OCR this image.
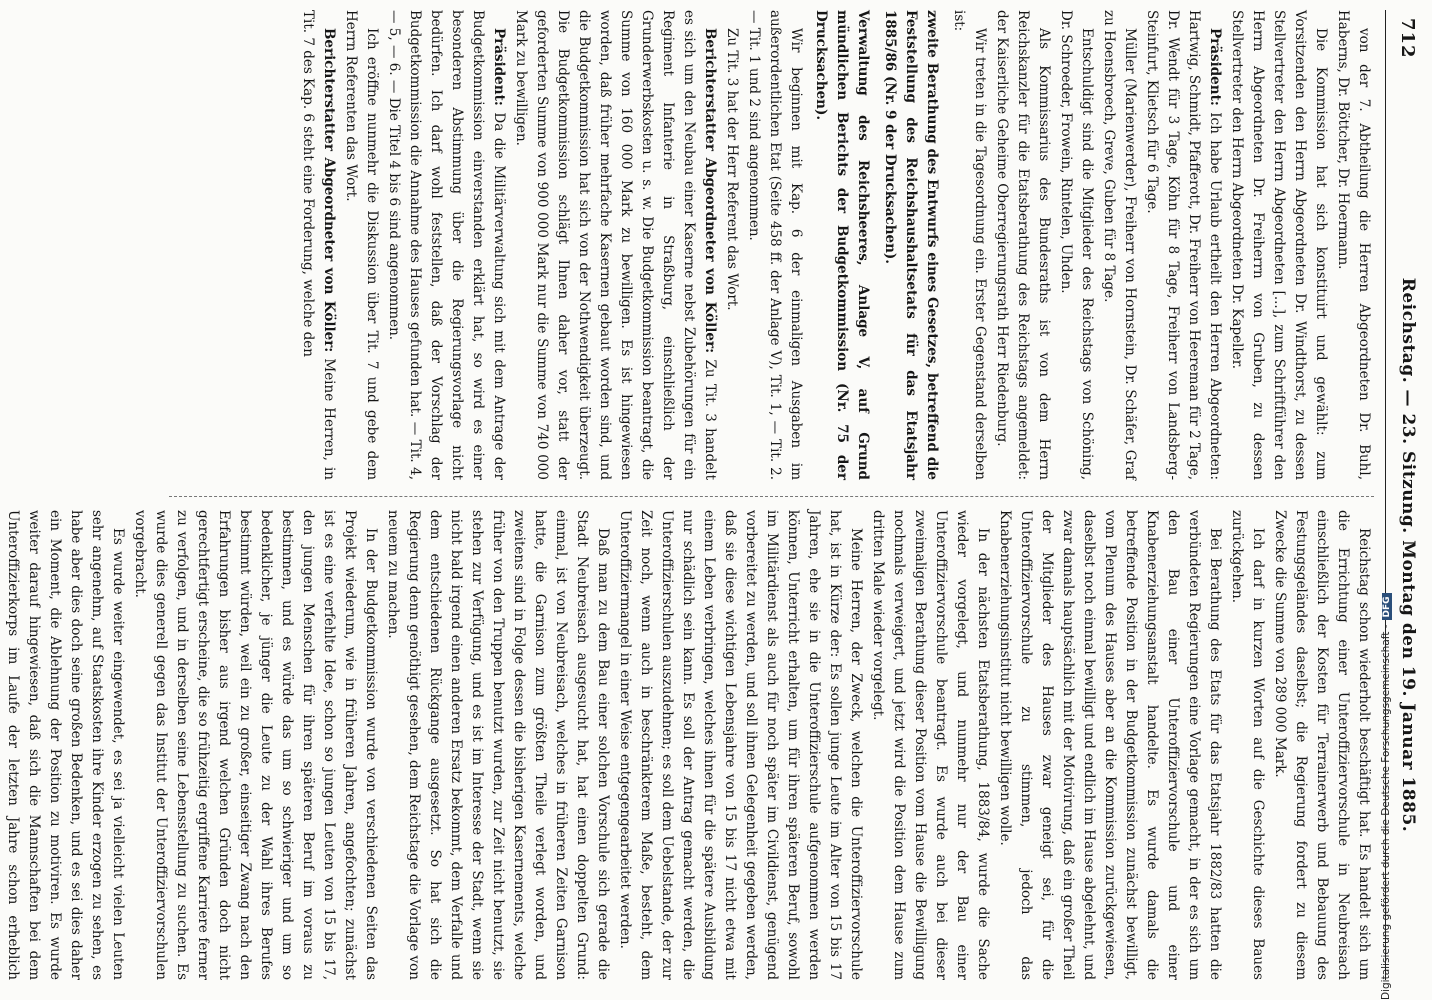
712
Reichstag. — 23. Sitzung. Montag den 19. Januar 1885.

von der 7. Abtheilung die Herren Abgeordneten Dr. Buhl, Haberns, Dr. Böttcher, Dr. Hoermann.

Die Kommission hat sich konstituirt und gewählt: zum Vorsitzenden den Herrn Abgeordneten Dr. Windthorst, zu dessen Stellvertreter den Herrn Abgeordneten [...], zum Schriftführer den Herrn Abgeordneten Dr. Freiherrn von Gruben, zu dessen Stellvertreter den Herrn Abgeordneten Dr. Kapeller.

Präsident: Ich habe Urlaub ertheilt den Herren Abgeordneten: Hartwig, Schmidt, Pfafferott, Dr. Freiherr von Heereman für 2 Tage, Dr. Wendt für 3 Tage, Köhn für 8 Tage, Freiherr von Landsberg-Steinfurt, Klietsch für 6 Tage.

Müller (Marienwerder), Freiherr von Hornstein, Dr. Schäfer, Graf zu Hoensbroech, Greve, Guben für 8 Tage.

Entschuldigt sind die Mitglieder des Reichstags von Schöning, Dr. Schroeder, Frowein, Rintelen, Uhden.

Als Kommissarius des Bundesraths ist von dem Herrn Reichskanzler für die Etatsberathung des Reichstags angemeldet: der Kaiserliche Geheime Oberregierungsrath Herr Riedenburg.

Wir treten in die Tagesordnung ein. Erster Gegenstand derselben ist:

zweite Berathung des Entwurfs eines Gesetzes, betreffend die Feststellung des Reichshaushaltsetats für das Etatsjahr 1885/86 (Nr. 9 der Drucksachen).

Verwaltung des Reichsheeres, Anlage V, auf Grund mündlichen Berichts der Budgetkommission (Nr. 75 der Drucksachen).

Wir beginnen mit Kap. 6 der einmaligen Ausgaben im außerordentlichen Etat (Seite 458 ff. der Anlage V), Tit. 1, — Tit. 2. — Tit. 1 und 2 sind angenommen.

Zu Tit. 3 hat der Herr Referent das Wort.

Berichterstatter Abgeordneter von Köller: Zu Tit. 3 handelt es sich um den Neubau einer Kaserne nebst Zubehörungen für ein Regiment Infanterie in Straßburg, einschließlich der Grunderwerbskosten u. s. w. Die Budgetkommission beantragt, die Summe von 160 000 Mark zu bewilligen. Es ist hingewiesen worden, daß früher mehrfache Kasernen gebaut worden sind, und die Budgetkommission hat sich von der Nothwendigkeit überzeugt. Die Budgetkommission schlägt Ihnen daher vor, statt der geforderten Summe von 900 000 Mark nur die Summe von 740 000 Mark zu bewilligen.

Präsident: Da die Militärverwaltung sich mit dem Antrage der Budgetkommission einverstanden erklärt hat, so wird es einer besonderen Abstimmung über die Regierungsvorlage nicht bedürfen. Ich darf wohl feststellen, daß der Vorschlag der Budgetkommission die Annahme des Hauses gefunden hat. — Tit. 4, — 5, — 6. — Die Titel 4 bis 6 sind angenommen.

Ich eröffne nunmehr die Diskussion über Tit. 7 und gebe dem Herrn Referenten das Wort.

Berichterstatter Abgeordneter von Köller: Meine Herren, in Tit. 7 des Kap. 6 steht eine Forderung, welche den

Reichstag schon wiederholt beschäftigt hat. Es handelt sich um die Errichtung einer Unteroffiziervorschule in Neubreisach einschließlich der Kosten für Terrainerwerb und Bebauung des Festungsgeländes daselbst; die Regierung fordert zu diesem Zwecke die Summe von 289 000 Mark.

Ich darf in kurzen Worten auf die Geschichte dieses Baues zurückgehen.

Bei Berathung des Etats für das Etatsjahr 1882/83 hatten die verbündeten Regierungen eine Vorlage gemacht, in der es sich um den Bau einer Unteroffiziervorschule und einer Knabenerziehungsanstalt handelte. Es wurde damals die betreffende Position in der Budgetkommission zunächst bewilligt, vom Plenum des Hauses aber an die Kommission zurückgewiesen, daselbst noch einmal bewilligt und endlich im Hause abgelehnt, und zwar damals hauptsächlich mit der Motivirung, daß ein großer Theil der Mitglieder des Hauses zwar geneigt sei, für die Unteroffiziervorschule zu stimmen, jedoch das Knabenerziehungsinstitut nicht bewilligen wolle.

In der nächsten Etatsberathung, 1883/84, wurde die Sache wieder vorgelegt, und nunmehr nur der Bau einer Unteroffiziervorschule beantragt. Es wurde auch bei dieser zweimaligen Berathung dieser Position vom Hause die Bewilligung nochmals verweigert, und jetzt wird die Position dem Hause zum dritten Male wieder vorgelegt.

Meine Herren, der Zweck, welchen die Unteroffiziervorschule hat, ist in Kürze der: Es sollen junge Leute im Alter von 15 bis 17 Jahren, ehe sie in die Unteroffizierschule aufgenommen werden können, Unterricht erhalten, um für ihren späteren Beruf, sowohl im Militärdienst als auch für noch später im Civildienst, genügend vorbereitet zu werden, und soll ihnen Gelegenheit gegeben werden, daß sie diese wichtigen Lebensjahre von 15 bis 17 nicht etwa mit einem Leben verbringen, welches ihnen für die spätere Ausbildung nur schädlich sein kann. Es soll der Antrag gemacht werden, die Unteroffizierschulen auszudehnen; es soll dem Uebelstande, der zur Zeit noch, wenn auch in beschränkterem Maße, besteht, dem Unteroffiziermangel in einer Weise entgegengearbeitet werden.

Daß man zu dem Bau einer solchen Vorschule sich gerade die Stadt Neubreisach ausgesucht hat, hat einen doppelten Grund: einmal, ist von Neubreisach, welches in früheren Zeiten Garnison hatte, die Garnison zum größten Theile verlegt worden, und zweitens sind in Folge dessen die bisherigen Kasernements, welche früher von den Truppen benutzt wurden, zur Zeit nicht benutzt, sie stehen zur Verfügung, und es ist im Interesse der Stadt, wenn sie nicht bald irgend einen anderen Ersatz bekommt, dem Verfalle und dem entschiedenen Rückgange ausgesetzt. So hat sich die Regierung denn genöthigt gesehen, dem Reichstage die Vorlage von neuem zu machen.

In der Budgetkommission wurde von verschiedenen Seiten das Projekt wiederum, wie in früheren Jahren, angefochten; zunächst ist es eine verfehlte Idee, schon so jungen Leuten von 15 bis 17, den jungen Menschen für ihren späteren Beruf im voraus zu bestimmen, und es würde das um so schwieriger und um so bedenklicher, je jünger die Leute zu der Wahl ihres Berufes bestimmt würden, weil ein zu großer, einseitiger Zwang nach den Erfahrungen bisher aus irgend welchen Gründen doch nicht gerechtfertigt erscheine, die so frühzeitig ergriffene Karriere ferner zu verfolgen, und in derselben seine Lebensstellung zu suchen. Es wurde dies generell gegen das Institut der Unteroffiziervorschulen vorgebracht.

Es wurde weiter eingewendet, es sei ja vielleicht vielen Leuten sehr angenehm, auf Staatskosten ihre Kinder erzogen zu sehen, es habe aber dies doch seine großen Bedenken, und es sei dies daher ein Moment, die Ablehnung der Position zu motiviren. Es wurde weiter darauf hingewiesen, daß sich die Mannschaften bei dem Unteroffizierkorps im Laufe der letzten Jahre schon erheblich	Digitalisierung gefördert durch die Deutsche Forschungsgemeinschaft -DFG
